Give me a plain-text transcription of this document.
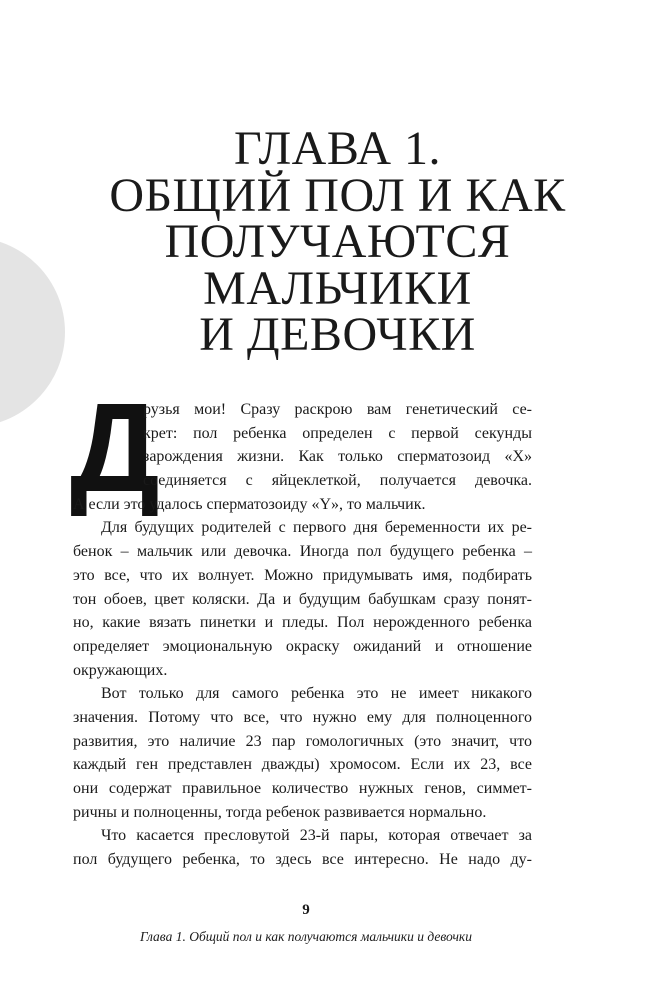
ГЛАВА 1.
ОБЩИЙ ПОЛ И КАК
ПОЛУЧАЮТСЯ
МАЛЬЧИКИ
И ДЕВОЧКИ
Д
рузья мои! Сразу раскрою вам генетический се-
крет: пол ребенка определен с первой секунды
зарождения жизни. Как только сперматозоид «X»
соединяется с яйцеклеткой, получается девочка.
А если это удалось сперматозоиду «Y», то мальчик.
Для будущих родителей с первого дня беременности их ре-
бенок – мальчик или девочка. Иногда пол будущего ребенка –
это все, что их волнует. Можно придумывать имя, подбирать
тон обоев, цвет коляски. Да и будущим бабушкам сразу понят-
но, какие вязать пинетки и пледы. Пол нерожденного ребенка
определяет эмоциональную окраску ожиданий и отношение
окружающих.
Вот только для самого ребенка это не имеет никакого
значения. Потому что все, что нужно ему для полноценного
развития, это наличие 23 пар гомологичных (это значит, что
каждый ген представлен дважды) хромосом. Если их 23, все
они содержат правильное количество нужных генов, симмет-
ричны и полноценны, тогда ребенок развивается нормально.
Что касается пресловутой 23-й пары, которая отвечает за
пол будущего ребенка, то здесь все интересно. Не надо ду-
9
Глава 1. Общий пол и как получаются мальчики и девочки
